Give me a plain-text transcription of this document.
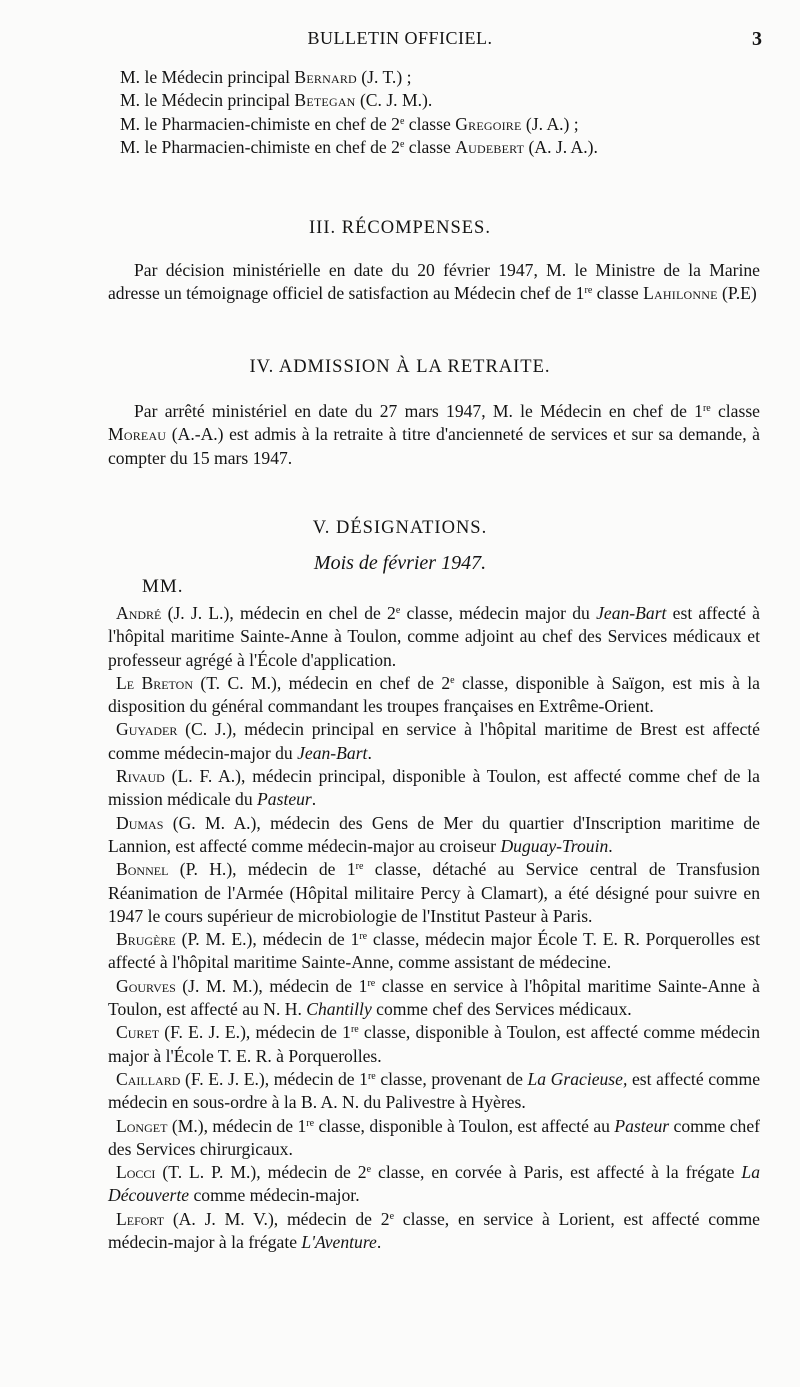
BULLETIN OFFICIEL.	3
M. le Médecin principal Bernard (J. T.) ;
M. le Médecin principal Betegan (C. J. M.).
M. le Pharmacien-chimiste en chef de 2e classe Gregoire (J. A.) ;
M. le Pharmacien-chimiste en chef de 2e classe Audebert (A. J. A.).
III. RÉCOMPENSES.

Par décision ministérielle en date du 20 février 1947, M. le Ministre de la Marine adresse un témoignage officiel de satisfaction au Médecin chef de 1re classe Lahilonne (P.E)

IV. ADMISSION À LA RETRAITE.

Par arrêté ministériel en date du 27 mars 1947, M. le Médecin en chef de 1re classe Moreau (A.-A.) est admis à la retraite à titre d'ancienneté de services et sur sa demande, à compter du 15 mars 1947.

V. DÉSIGNATIONS.
Mois de février 1947.
MM.

André (J. J. L.), médecin en chel de 2e classe, médecin major du Jean-Bart est affecté à l'hôpital maritime Sainte-Anne à Toulon, comme adjoint au chef des Services médicaux et professeur agrégé à l'École d'application.

Le Breton (T. C. M.), médecin en chef de 2e classe, disponible à Saïgon, est mis à la disposition du général commandant les troupes françaises en Extrême-Orient.

Guyader (C. J.), médecin principal en service à l'hôpital maritime de Brest est affecté comme médecin-major du Jean-Bart.

Rivaud (L. F. A.), médecin principal, disponible à Toulon, est affecté comme chef de la mission médicale du Pasteur.

Dumas (G. M. A.), médecin des Gens de Mer du quartier d'Inscription maritime de Lannion, est affecté comme médecin-major au croiseur Duguay-Trouin.

Bonnel (P. H.), médecin de 1re classe, détaché au Service central de Transfusion Réanimation de l'Armée (Hôpital militaire Percy à Clamart), a été désigné pour suivre en 1947 le cours supérieur de microbiologie de l'Institut Pasteur à Paris.

Brugère (P. M. E.), médecin de 1re classe, médecin major École T. E. R. Porquerolles est affecté à l'hôpital maritime Sainte-Anne, comme assistant de médecine.

Gourves (J. M. M.), médecin de 1re classe en service à l'hôpital maritime Sainte-Anne à Toulon, est affecté au N. H. Chantilly comme chef des Services médicaux.

Curet (F. E. J. E.), médecin de 1re classe, disponible à Toulon, est affecté comme médecin major à l'École T. E. R. à Porquerolles.

Caillard (F. E. J. E.), médecin de 1re classe, provenant de La Gracieuse, est affecté comme médecin en sous-ordre à la B. A. N. du Palivestre à Hyères.

Longet (M.), médecin de 1re classe, disponible à Toulon, est affecté au Pasteur comme chef des Services chirurgicaux.

Locci (T. L. P. M.), médecin de 2e classe, en corvée à Paris, est affecté à la frégate La Découverte comme médecin-major.

Lefort (A. J. M. V.), médecin de 2e classe, en service à Lorient, est affecté comme médecin-major à la frégate L'Aventure.
